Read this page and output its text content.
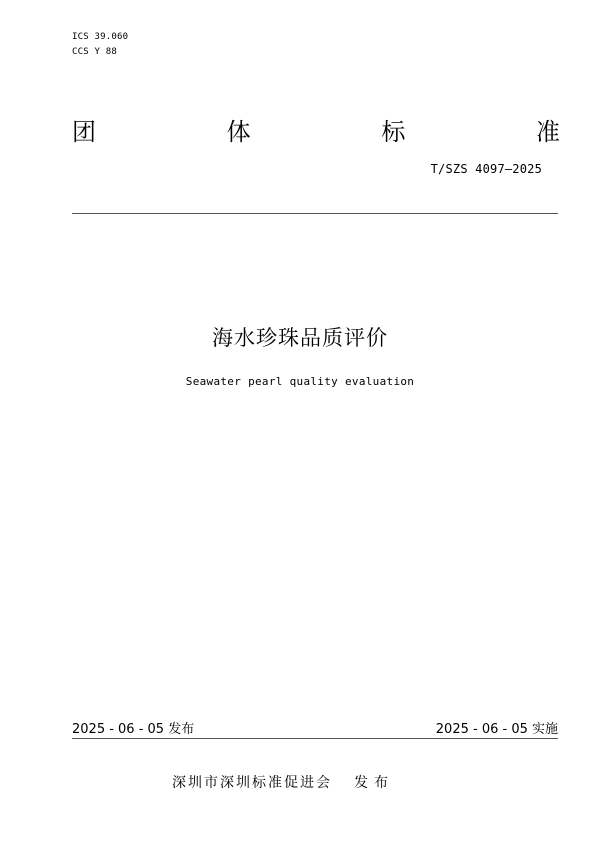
ICS 39.060
CCS Y 88
团	体	标	准
T/SZS 4097—2025
海水珍珠品质评价
Seawater pearl quality evaluation
2025 - 06 - 05 发布	2025 - 06 - 05 实施
深圳市深圳标准促进会 发布
